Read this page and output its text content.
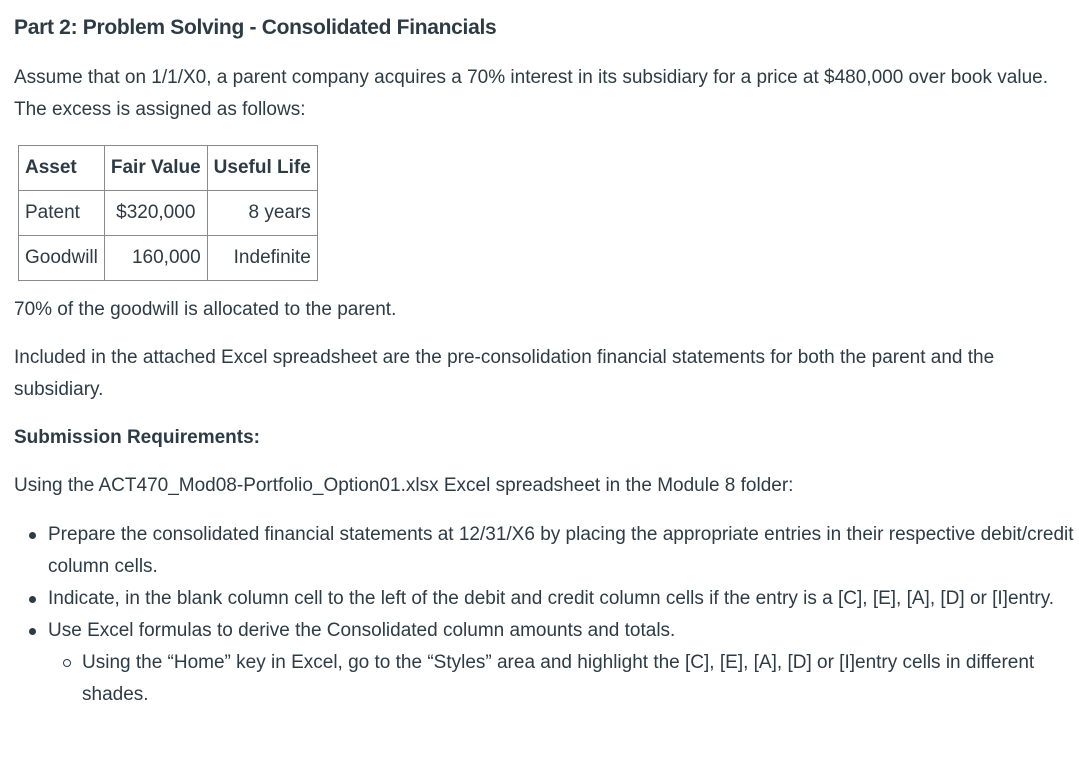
Part 2: Problem Solving - Consolidated Financials

Assume that on 1/1/X0, a parent company acquires a 70% interest in its subsidiary for a price at $480,000 over book value. The excess is assigned as follows:

Asset	Fair Value	Useful Life
Patent	$320,000	8 years
Goodwill	160,000	Indefinite

70% of the goodwill is allocated to the parent.

Included in the attached Excel spreadsheet are the pre-consolidation financial statements for both the parent and the subsidiary.

Submission Requirements:

Using the ACT470_Mod08-Portfolio_Option01.xlsx Excel spreadsheet in the Module 8 folder:

Prepare the consolidated financial statements at 12/31/X6 by placing the appropriate entries in their respective debit/credit column cells.
Indicate, in the blank column cell to the left of the debit and credit column cells if the entry is a [C], [E], [A], [D] or [I]entry.
Use Excel formulas to derive the Consolidated column amounts and totals.
Using the “Home” key in Excel, go to the “Styles” area and highlight the [C], [E], [A], [D] or [I]entry cells in different shades.
